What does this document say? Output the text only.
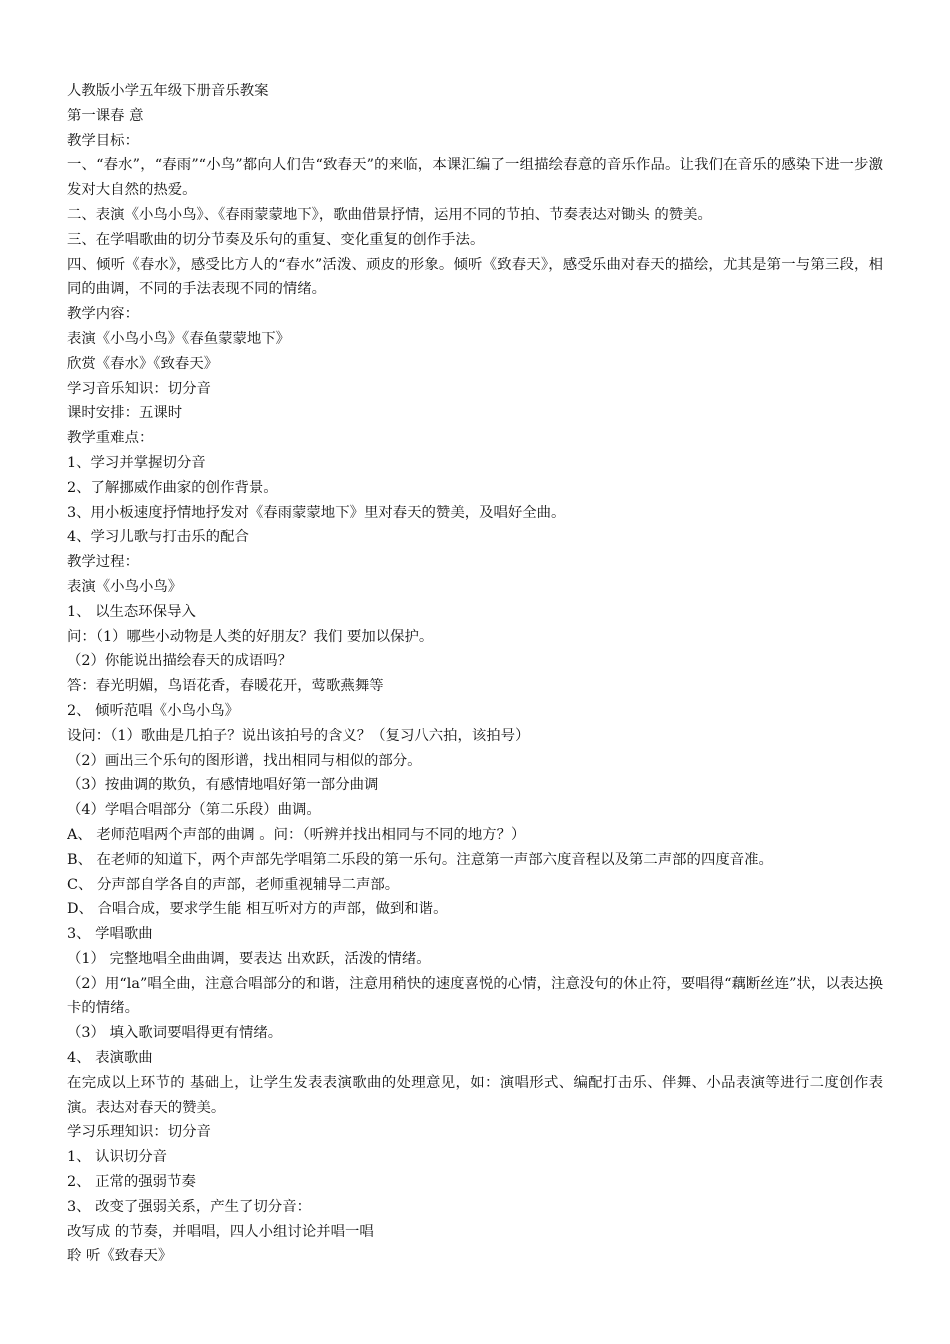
人教版小学五年级下册音乐教案
第一课春 意
教学目标：
一、“春水”，“春雨”“小鸟”都向人们告“致春天”的来临，本课汇编了一组描绘春意的音乐作品。让我们在音乐的感染下进一步激发对大自然的热爱。
二、表演《小鸟小鸟》、《春雨蒙蒙地下》，歌曲借景抒情，运用不同的节拍、节奏表达对锄头 的赞美。
三、在学唱歌曲的切分节奏及乐句的重复、变化重复的创作手法。
四、倾听《春水》，感受比方人的“春水”活泼、顽皮的形象。倾听《致春天》，感受乐曲对春天的描绘，尤其是第一与第三段，相同的曲调，不同的手法表现不同的情绪。
教学内容：
表演《小鸟小鸟》《春鱼蒙蒙地下》
欣赏《春水》《致春天》
学习音乐知识：切分音
课时安排：五课时
教学重难点：
1、学习并掌握切分音
2、了解挪威作曲家的创作背景。
3、用小板速度抒情地抒发对《春雨蒙蒙地下》里对春天的赞美，及唱好全曲。
4、学习儿歌与打击乐的配合
教学过程：
表演《小鸟小鸟》
1、 以生态环保导入
问：（1）哪些小动物是人类的好朋友？我们 要加以保护。
（2）你能说出描绘春天的成语吗？
答：春光明媚，鸟语花香，春暖花开，莺歌燕舞等
2、 倾听范唱《小鸟小鸟》
设问：（1）歌曲是几拍子？说出该拍号的含义？（复习八六拍，该拍号）
（2）画出三个乐句的图形谱，找出相同与相似的部分。
（3）按曲调的欺负，有感情地唱好第一部分曲调
（4）学唱合唱部分（第二乐段）曲调。
A、 老师范唱两个声部的曲调 。问：（听辨并找出相同与不同的地方？）
B、 在老师的知道下，两个声部先学唱第二乐段的第一乐句。注意第一声部六度音程以及第二声部的四度音准。
C、 分声部自学各自的声部，老师重视辅导二声部。
D、 合唱合成，要求学生能 相互听对方的声部，做到和谐。
3、 学唱歌曲
（1） 完整地唱全曲曲调，要表达 出欢跃，活泼的情绪。
（2）用“la”唱全曲，注意合唱部分的和谐，注意用稍快的速度喜悦的心情，注意没句的休止符，要唱得“藕断丝连”状，以表达换卡的情绪。
（3） 填入歌词要唱得更有情绪。
4、 表演歌曲
在完成以上环节的 基础上，让学生发表表演歌曲的处理意见，如：演唱形式、编配打击乐、伴舞、小品表演等进行二度创作表演。表达对春天的赞美。
学习乐理知识：切分音
1、 认识切分音
2、 正常的强弱节奏
3、 改变了强弱关系，产生了切分音：
改写成 的节奏，并唱唱，四人小组讨论并唱一唱
聆 听《致春天》
